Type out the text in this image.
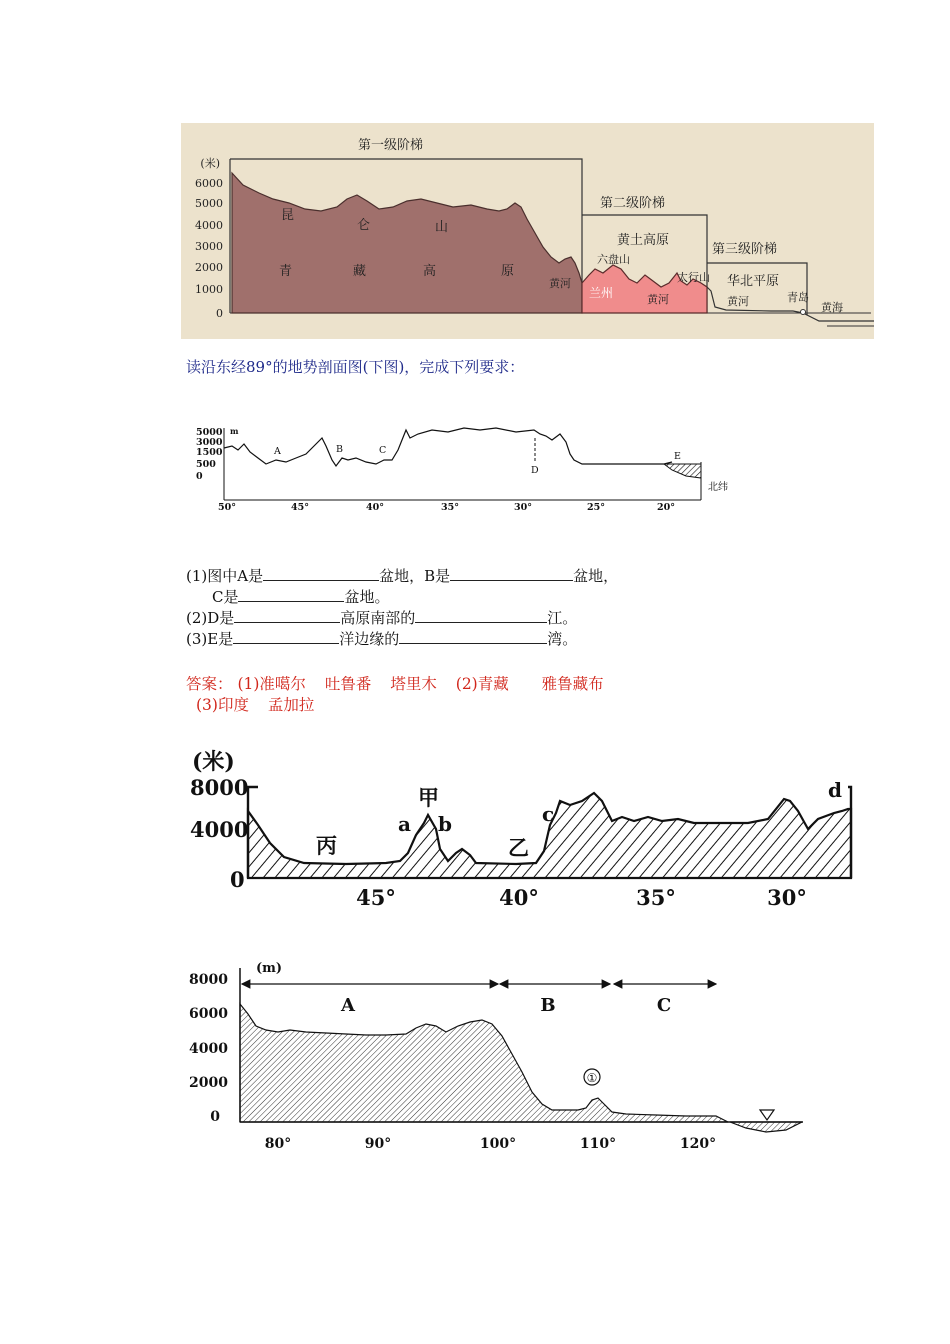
(米)
6000
5000
4000
3000
2000
1000
0
第一级阶梯
第二级阶梯
第三级阶梯
昆
仑	山
青	藏	高	原
黄河
黄土高原
六盘山
兰州	黄河
太行山 华北平原
黄河	青岛
黄海

读沿东经89°的地势剖面图(下图)，完成下列要求：

5000
3000
1500
500
0
m
A	B	C
D
E
50°	45°	40°	35°	30°	25°	20°
北纬
(1)图中A是	盆地，B是	盆地，
C是	盆地。
(2)D是	高原南部的	江。
(3)E是	洋边缘的	湾。
答案： (1)准噶尔 吐鲁番 塔里木 (2)青藏 雅鲁藏布
(3)印度 孟加拉
(米)
8000
4000
0
丙
甲
a b
乙
c
d
45°	40°	35°	30°
8000
6000
4000
2000
0
(m)
A	B	C
①
80°	90°	100°	110°	120°
